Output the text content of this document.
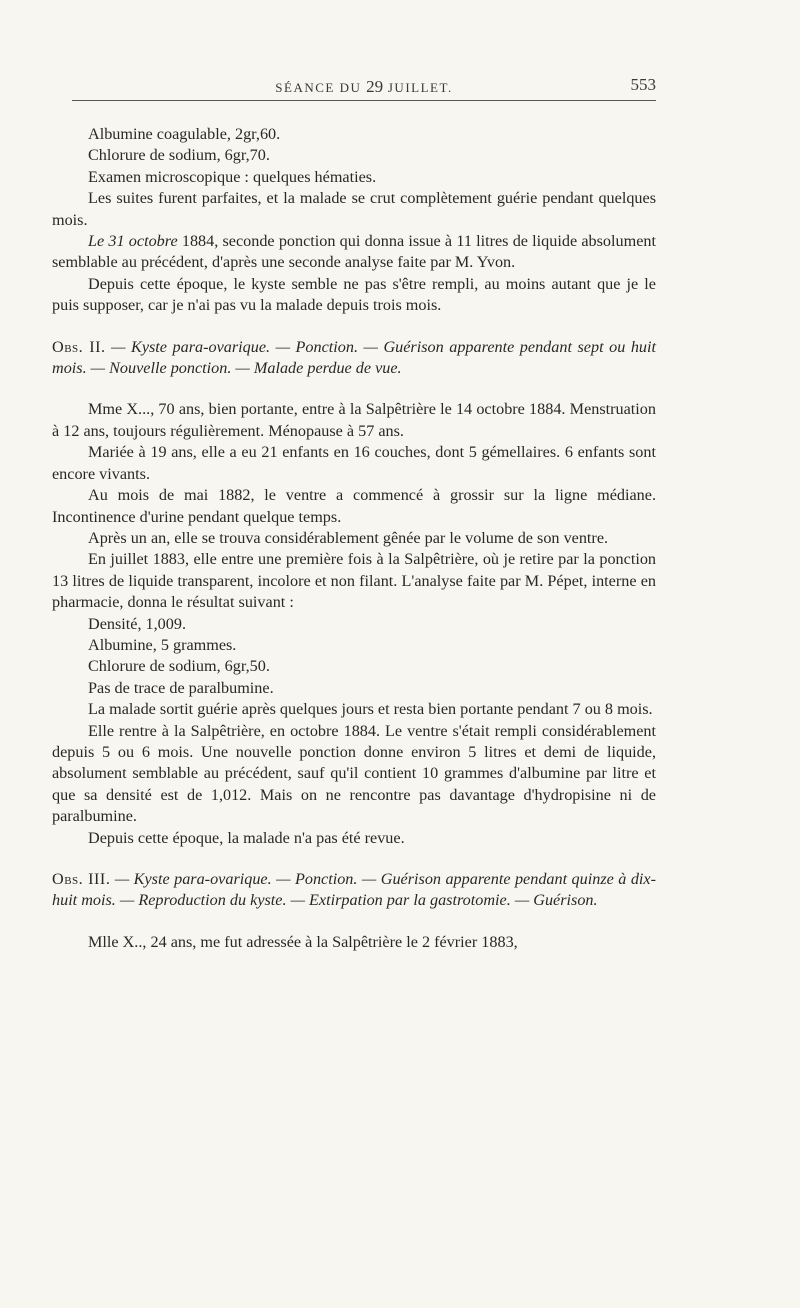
SÉANCE DU 29 JUILLET.	553

Albumine coagulable, 2gr,60.

Chlorure de sodium, 6gr,70.

Examen microscopique : quelques hématies.

Les suites furent parfaites, et la malade se crut complètement guérie pendant quelques mois.

Le 31 octobre 1884, seconde ponction qui donna issue à 11 litres de liquide absolument semblable au précédent, d'après une seconde analyse faite par M. Yvon.

Depuis cette époque, le kyste semble ne pas s'être rempli, au moins autant que je le puis supposer, car je n'ai pas vu la malade depuis trois mois.

Obs. II. — Kyste para-ovarique. — Ponction. — Guérison apparente pendant sept ou huit mois. — Nouvelle ponction. — Malade perdue de vue.

Mme X..., 70 ans, bien portante, entre à la Salpêtrière le 14 octobre 1884. Menstruation à 12 ans, toujours régulièrement. Ménopause à 57 ans.

Mariée à 19 ans, elle a eu 21 enfants en 16 couches, dont 5 gémellaires. 6 enfants sont encore vivants.

Au mois de mai 1882, le ventre a commencé à grossir sur la ligne médiane. Incontinence d'urine pendant quelque temps.

Après un an, elle se trouva considérablement gênée par le volume de son ventre.

En juillet 1883, elle entre une première fois à la Salpêtrière, où je retire par la ponction 13 litres de liquide transparent, incolore et non filant. L'analyse faite par M. Pépet, interne en pharmacie, donna le résultat suivant :

Densité, 1,009.

Albumine, 5 grammes.

Chlorure de sodium, 6gr,50.

Pas de trace de paralbumine.

La malade sortit guérie après quelques jours et resta bien portante pendant 7 ou 8 mois.

Elle rentre à la Salpêtrière, en octobre 1884. Le ventre s'était rempli considérablement depuis 5 ou 6 mois. Une nouvelle ponction donne environ 5 litres et demi de liquide, absolument semblable au précédent, sauf qu'il contient 10 grammes d'albumine par litre et que sa densité est de 1,012. Mais on ne rencontre pas davantage d'hydropisine ni de paralbumine.

Depuis cette époque, la malade n'a pas été revue.

Obs. III. — Kyste para-ovarique. — Ponction. — Guérison apparente pendant quinze à dix-huit mois. — Reproduction du kyste. — Extirpation par la gastrotomie. — Guérison.

Mlle X.., 24 ans, me fut adressée à la Salpêtrière le 2 février 1883,
